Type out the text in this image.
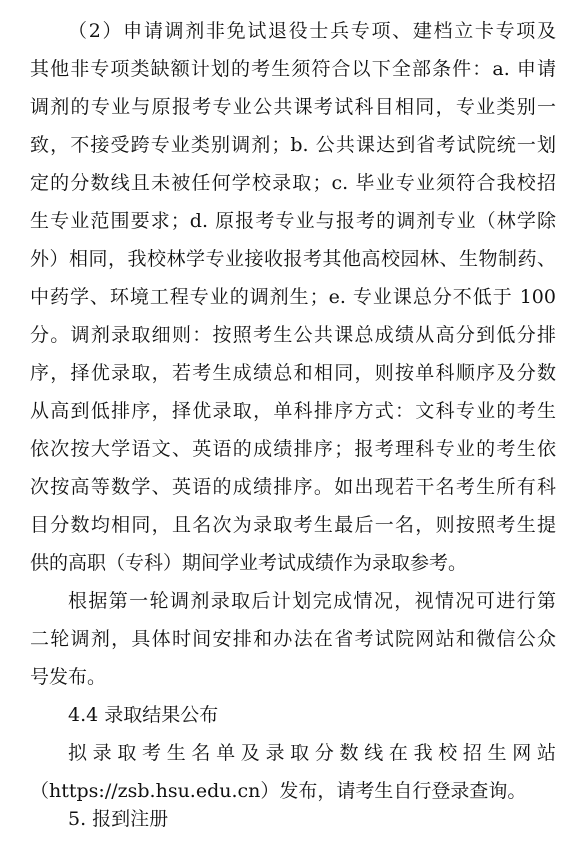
（2）申请调剂非免试退役士兵专项、建档立卡专项及
其他非专项类缺额计划的考生须符合以下全部条件：a. 申请
调剂的专业与原报考专业公共课考试科目相同，专业类别一
致，不接受跨专业类别调剂；b. 公共课达到省考试院统一划
定的分数线且未被任何学校录取；c. 毕业专业须符合我校招
生专业范围要求；d. 原报考专业与报考的调剂专业（林学除
外）相同，我校林学专业接收报考其他高校园林、生物制药、
中药学、环境工程专业的调剂生；e. 专业课总分不低于 100
分。调剂录取细则：按照考生公共课总成绩从高分到低分排
序，择优录取，若考生成绩总和相同，则按单科顺序及分数
从高到低排序，择优录取，单科排序方式：文科专业的考生
依次按大学语文、英语的成绩排序；报考理科专业的考生依
次按高等数学、英语的成绩排序。如出现若干名考生所有科
目分数均相同，且名次为录取考生最后一名，则按照考生提
供的高职（专科）期间学业考试成绩作为录取参考。
根据第一轮调剂录取后计划完成情况，视情况可进行第
二轮调剂，具体时间安排和办法在省考试院网站和微信公众
号发布。
4.4 录取结果公布
拟录取考生名单及录取分数线在我校招生网站
（https://zsb.hsu.edu.cn）发布，请考生自行登录查询。
5. 报到注册
